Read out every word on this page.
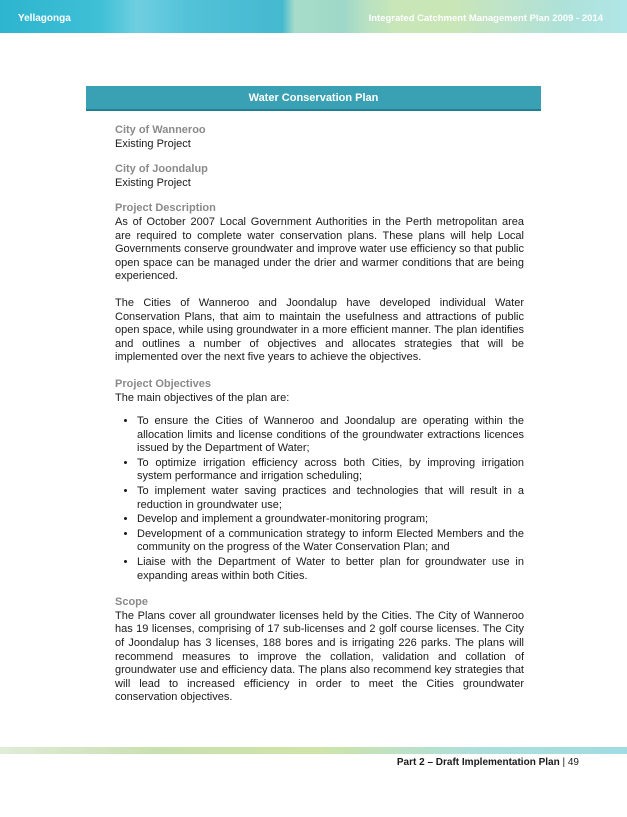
Yellagonga	Integrated Catchment Management Plan 2009 - 2014
Water Conservation Plan

City of Wanneroo

Existing Project

City of Joondalup

Existing Project

Project Description

As of October 2007 Local Government Authorities in the Perth metropolitan area are required to complete water conservation plans. These plans will help Local Governments conserve groundwater and improve water use efficiency so that public open space can be managed under the drier and warmer conditions that are being experienced.

The Cities of Wanneroo and Joondalup have developed individual Water Conservation Plans, that aim to maintain the usefulness and attractions of public open space, while using groundwater in a more efficient manner. The plan identifies and outlines a number of objectives and allocates strategies that will be implemented over the next five years to achieve the objectives.

Project Objectives

The main objectives of the plan are:

• To ensure the Cities of Wanneroo and Joondalup are operating within the allocation limits and license conditions of the groundwater extractions licences issued by the Department of Water;
• To optimize irrigation efficiency across both Cities, by improving irrigation system performance and irrigation scheduling;
• To implement water saving practices and technologies that will result in a reduction in groundwater use;
• Develop and implement a groundwater-monitoring program;
• Development of a communication strategy to inform Elected Members and the community on the progress of the Water Conservation Plan; and
• Liaise with the Department of Water to better plan for groundwater use in expanding areas within both Cities.

Scope

The Plans cover all groundwater licenses held by the Cities. The City of Wanneroo has 19 licenses, comprising of 17 sub-licenses and 2 golf course licenses. The City of Joondalup has 3 licenses, 188 bores and is irrigating 226 parks. The plans will recommend measures to improve the collation, validation and collation of groundwater use and efficiency data. The plans also recommend key strategies that will lead to increased efficiency in order to meet the Cities groundwater conservation objectives.

Part 2 – Draft Implementation Plan | 49
